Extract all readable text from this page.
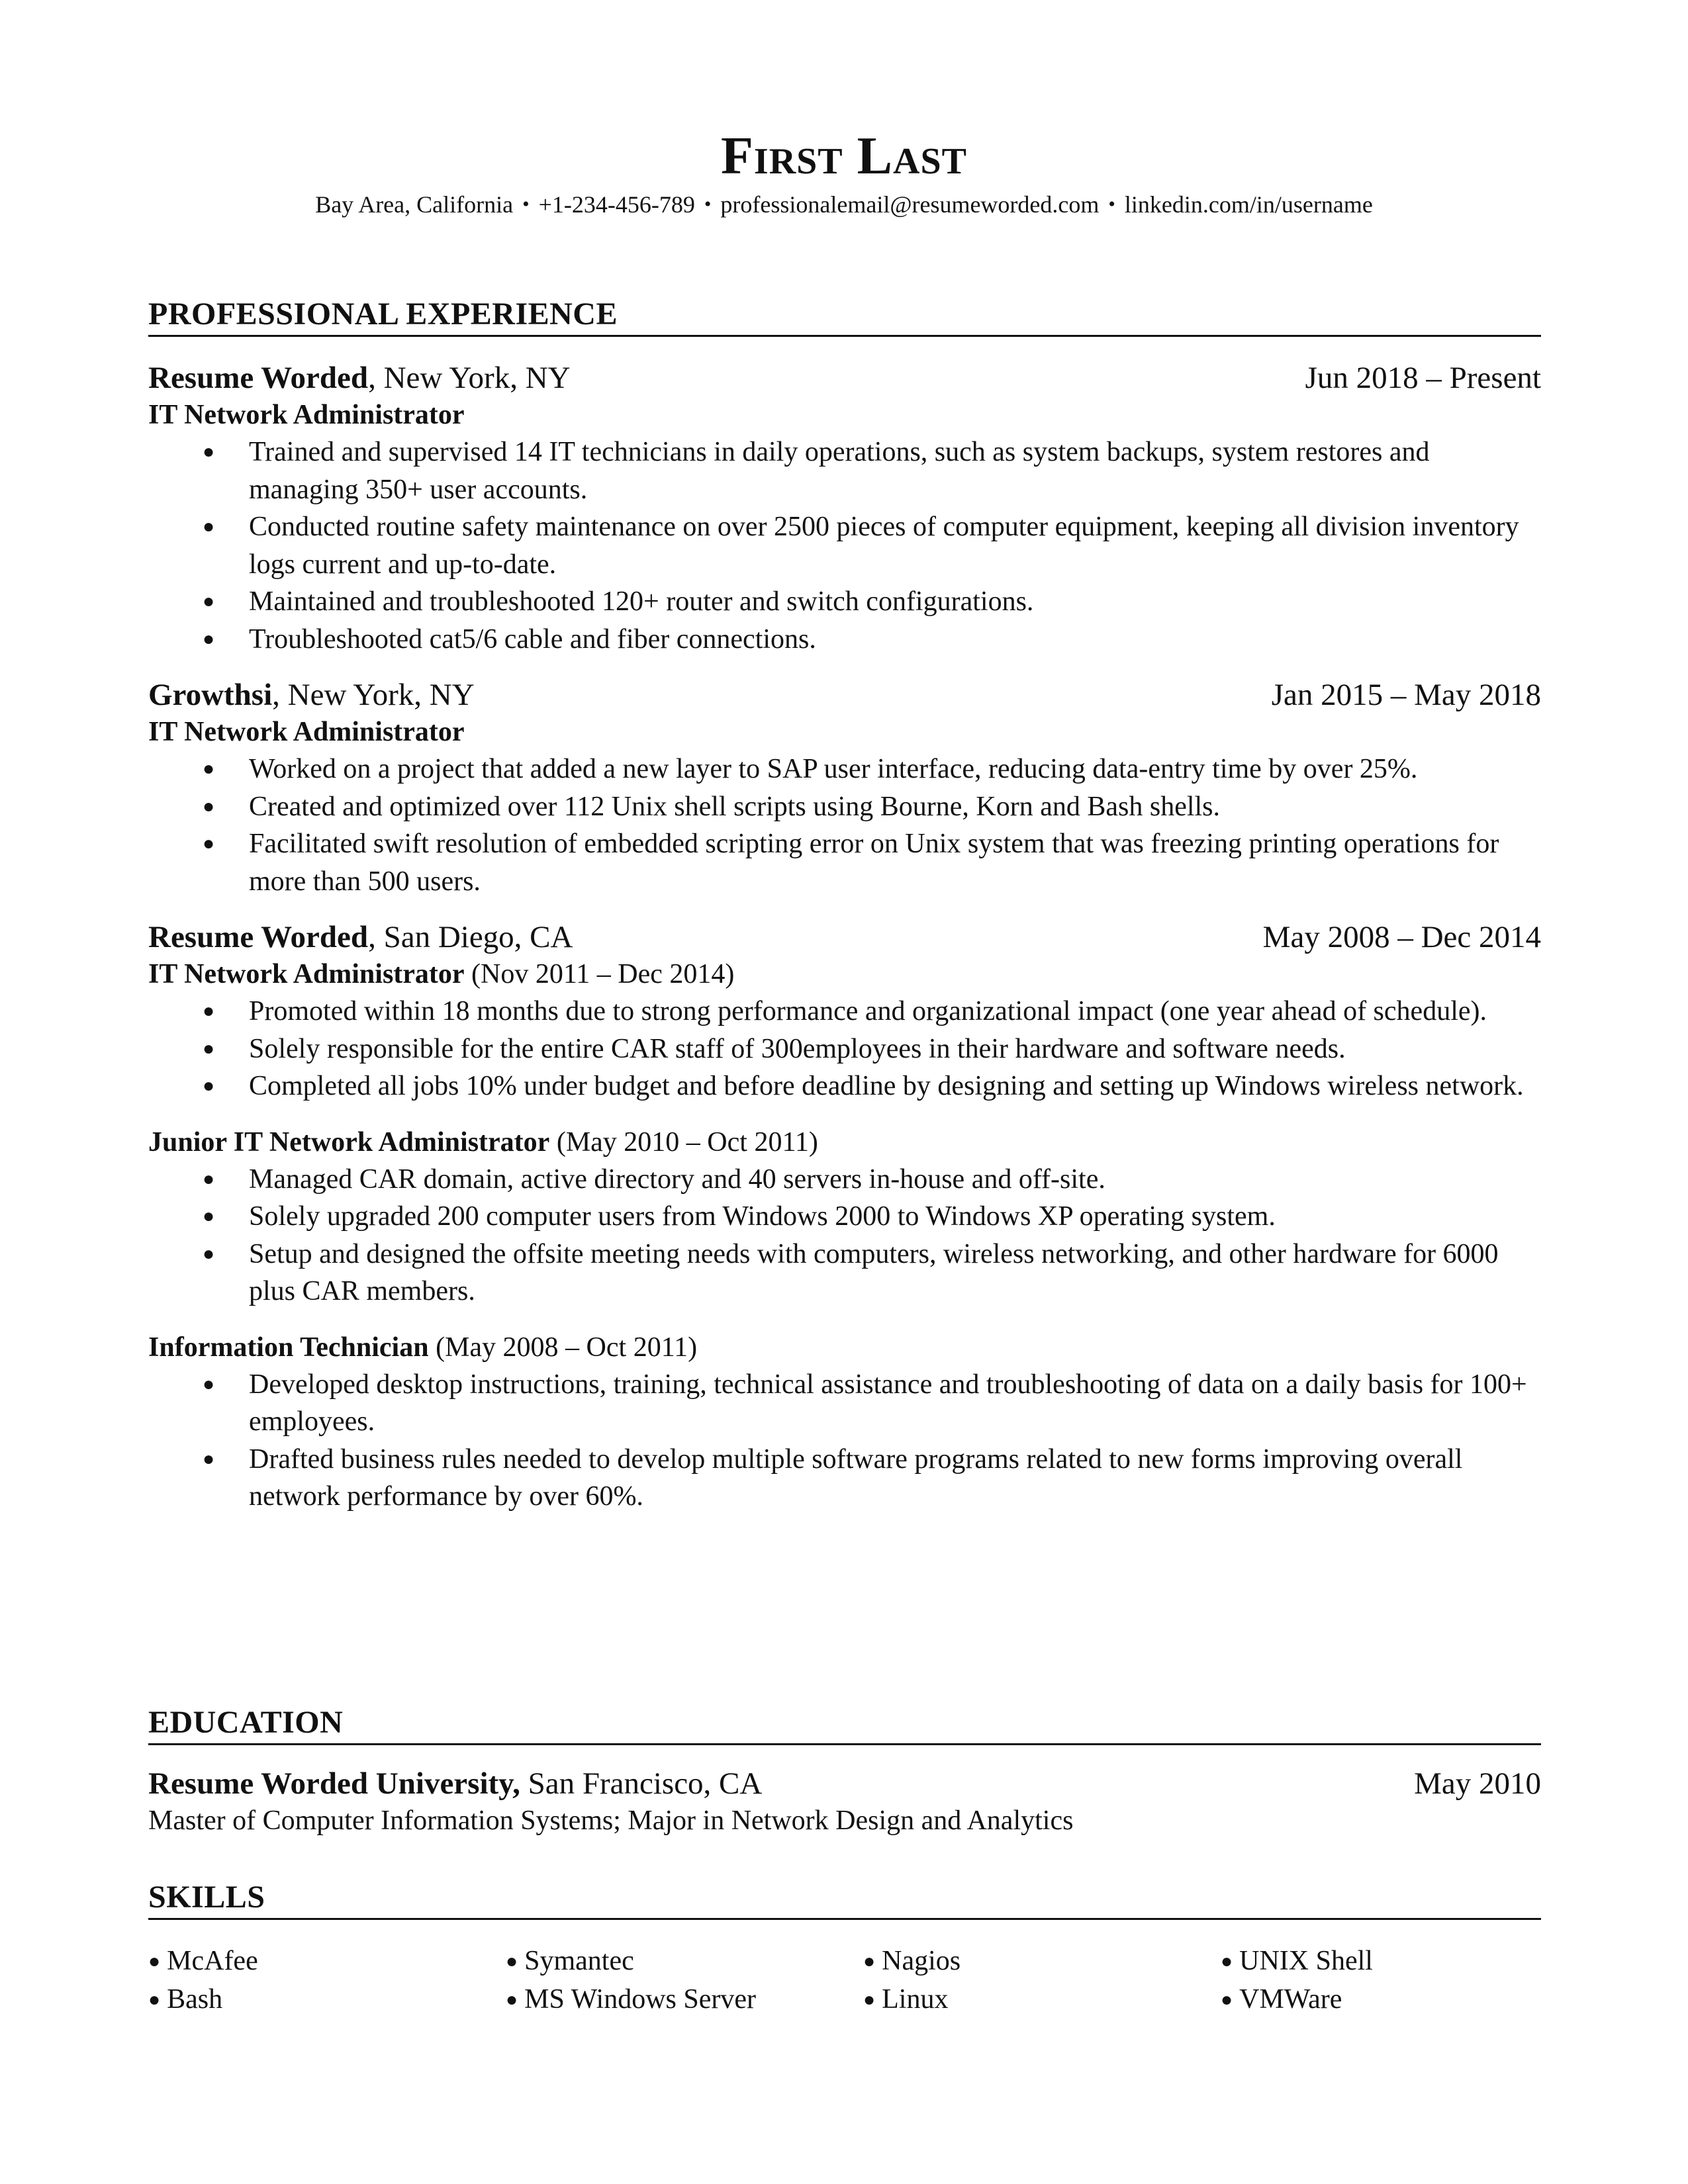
First Last
Bay Area, California • +1-234-456-789 • professionalemail@resumeworded.com • linkedin.com/in/username
PROFESSIONAL EXPERIENCE
Resume Worded, New York, NY	Jun 2018 – Present
IT Network Administrator
● Trained and supervised 14 IT technicians in daily operations, such as system backups, system restores and managing 350+ user accounts.
● Conducted routine safety maintenance on over 2500 pieces of computer equipment, keeping all division inventory logs current and up-to-date.
● Maintained and troubleshooted 120+ router and switch configurations.
● Troubleshooted cat5/6 cable and fiber connections.
Growthsi, New York, NY	Jan 2015 – May 2018
IT Network Administrator
● Worked on a project that added a new layer to SAP user interface, reducing data-entry time by over 25%.
● Created and optimized over 112 Unix shell scripts using Bourne, Korn and Bash shells.
● Facilitated swift resolution of embedded scripting error on Unix system that was freezing printing operations for more than 500 users.
Resume Worded, San Diego, CA	May 2008 – Dec 2014
IT Network Administrator (Nov 2011 – Dec 2014)
● Promoted within 18 months due to strong performance and organizational impact (one year ahead of schedule).
● Solely responsible for the entire CAR staff of 300employees in their hardware and software needs.
● Completed all jobs 10% under budget and before deadline by designing and setting up Windows wireless network.
Junior IT Network Administrator (May 2010 – Oct 2011)
● Managed CAR domain, active directory and 40 servers in-house and off-site.
● Solely upgraded 200 computer users from Windows 2000 to Windows XP operating system.
● Setup and designed the offsite meeting needs with computers, wireless networking, and other hardware for 6000 plus CAR members.
Information Technician (May 2008 – Oct 2011)
● Developed desktop instructions, training, technical assistance and troubleshooting of data on a daily basis for 100+ employees.
● Drafted business rules needed to develop multiple software programs related to new forms improving overall network performance by over 60%.
EDUCATION
Resume Worded University, San Francisco, CA	May 2010
Master of Computer Information Systems; Major in Network Design and Analytics
SKILLS
● McAfee	● Symantec	● Nagios	● UNIX Shell
● Bash	● MS Windows Server	● Linux	● VMWare
